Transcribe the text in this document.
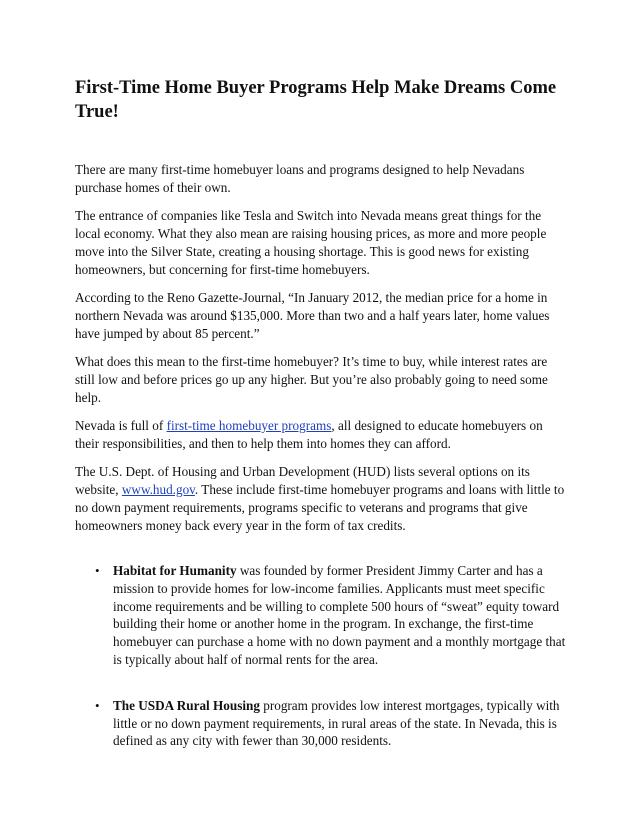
First-Time Home Buyer Programs Help Make Dreams Come True!

There are many first-time homebuyer loans and programs designed to help Nevadans purchase homes of their own.

The entrance of companies like Tesla and Switch into Nevada means great things for the local economy. What they also mean are raising housing prices, as more and more people move into the Silver State, creating a housing shortage. This is good news for existing homeowners, but concerning for first-time homebuyers.

According to the Reno Gazette-Journal, “In January 2012, the median price for a home in northern Nevada was around $135,000. More than two and a half years later, home values have jumped by about 85 percent.”

What does this mean to the first-time homebuyer? It’s time to buy, while interest rates are still low and before prices go up any higher. But you’re also probably going to need some help.

Nevada is full of first-time homebuyer programs, all designed to educate homebuyers on their responsibilities, and then to help them into homes they can afford.

The U.S. Dept. of Housing and Urban Development (HUD) lists several options on its website, www.hud.gov. These include first-time homebuyer programs and loans with little to no down payment requirements, programs specific to veterans and programs that give homeowners money back every year in the form of tax credits.

• Habitat for Humanity was founded by former President Jimmy Carter and has a mission to provide homes for low-income families. Applicants must meet specific income requirements and be willing to complete 500 hours of “sweat” equity toward building their home or another home in the program. In exchange, the first-time homebuyer can purchase a home with no down payment and a monthly mortgage that is typically about half of normal rents for the area.
• The USDA Rural Housing program provides low interest mortgages, typically with little or no down payment requirements, in rural areas of the state. In Nevada, this is defined as any city with fewer than 30,000 residents.
